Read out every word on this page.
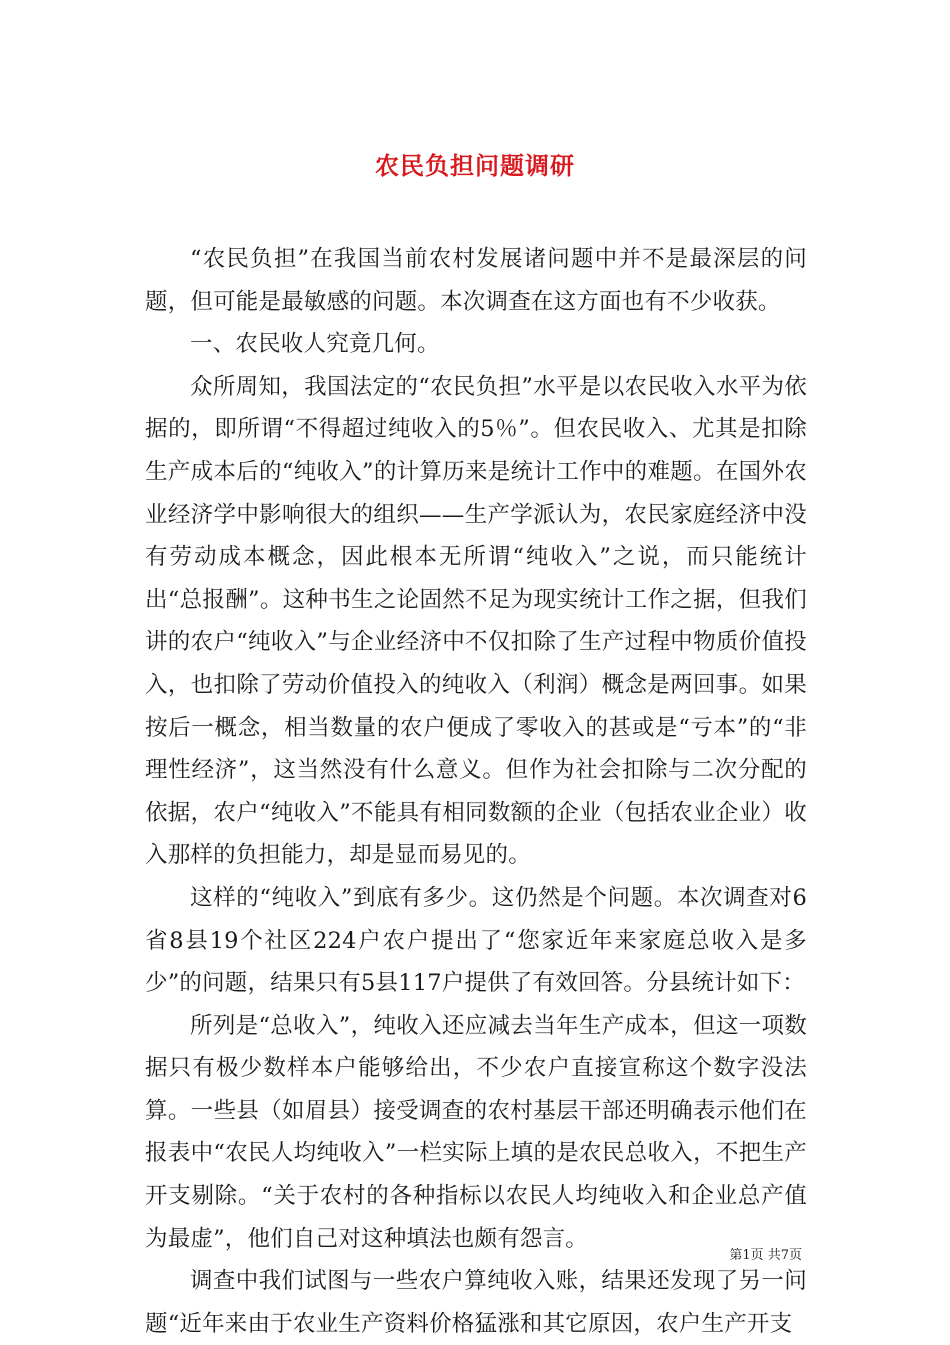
农民负担问题调研

“农民负担”在我国当前农村发展诸问题中并不是最深层的问题，但可能是最敏感的问题。本次调查在这方面也有不少收获。

一、农民收人究竟几何。

众所周知，我国法定的“农民负担”水平是以农民收入水平为依据的，即所谓“不得超过纯收入的5％”。但农民收入、尤其是扣除生产成本后的“纯收入”的计算历来是统计工作中的难题。在国外农业经济学中影响很大的组织——生产学派认为，农民家庭经济中没有劳动成本概念，因此根本无所谓“纯收入”之说，而只能统计出“总报酬”。这种书生之论固然不足为现实统计工作之据，但我们讲的农户“纯收入”与企业经济中不仅扣除了生产过程中物质价值投入，也扣除了劳动价值投入的纯收入（利润）概念是两回事。如果按后一概念，相当数量的农户便成了零收入的甚或是“亏本”的“非理性经济”，这当然没有什么意义。但作为社会扣除与二次分配的依据，农户“纯收入”不能具有相同数额的企业（包括农业企业）收入那样的负担能力，却是显而易见的。

这样的“纯收入”到底有多少。这仍然是个问题。本次调查对6省8县19个社区224户农户提出了“您家近年来家庭总收入是多少”的问题，结果只有5县117户提供了有效回答。分县统计如下：

所列是“总收入”，纯收入还应减去当年生产成本，但这一项数据只有极少数样本户能够给出，不少农户直接宣称这个数字没法算。一些县（如眉县）接受调查的农村基层干部还明确表示他们在报表中“农民人均纯收入”一栏实际上填的是农民总收入，不把生产开支剔除。“关于农村的各种指标以农民人均纯收入和企业总产值为最虚”，他们自己对这种填法也颇有怨言。

调查中我们试图与一些农户算纯收入账，结果还发现了另一问题“近年来由于农业生产资料价格猛涨和其它原因，农户生产开支

第1页 共7页
